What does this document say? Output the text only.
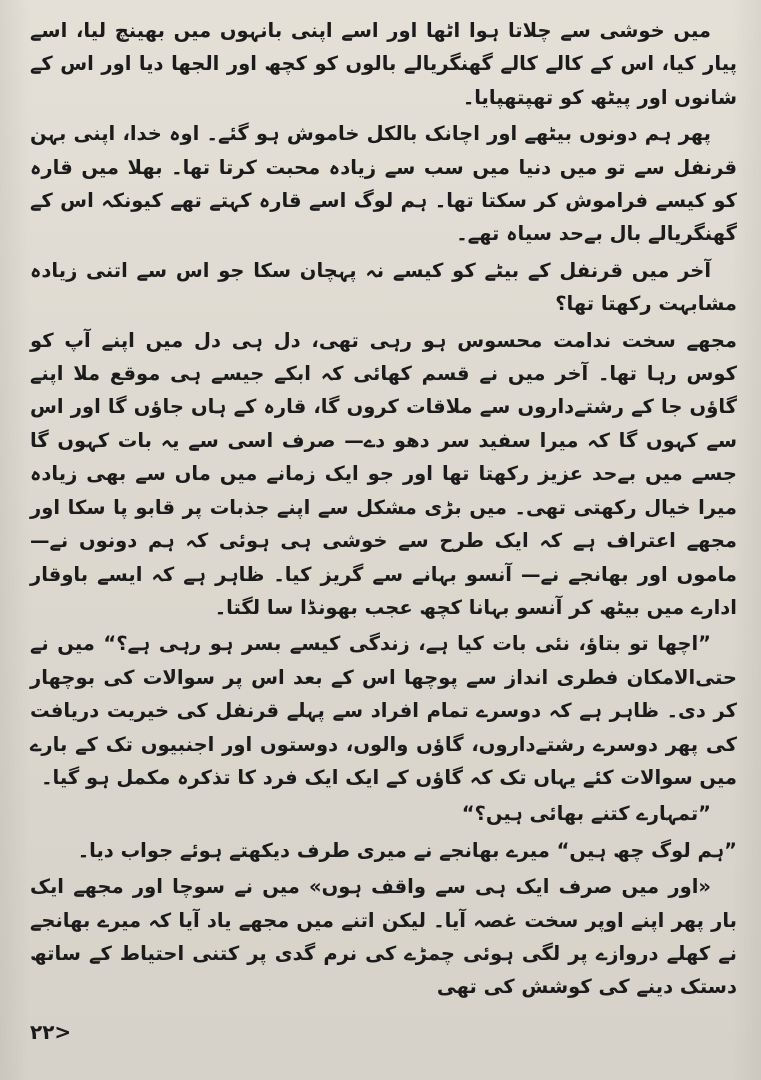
میں خوشی سے چلاتا ہوا اٹھا اور اسے اپنی بانہوں میں بھینچ لیا، اسے پیار کیا، اس کے کالے کالے گھنگریالے بالوں کو کچھ اور الجھا دیا اور اس کے شانوں اور پیٹھ کو تھپتھپایا۔

پھر ہم دونوں بیٹھے اور اچانک بالکل خاموش ہو گئے۔ اوہ خدا، اپنی بہن قرنفل سے تو میں دنیا میں سب سے زیادہ محبت کرتا تھا۔ بھلا میں قارہ کو کیسے فراموش کر سکتا تھا۔ ہم لوگ اسے قارہ کہتے تھے کیونکہ اس کے گھنگریالے بال بےحد سیاہ تھے۔

آخر میں قرنفل کے بیٹے کو کیسے نہ پہچان سکا جو اس سے اتنی زیادہ مشابہت رکھتا تھا؟

مجھے سخت ندامت محسوس ہو رہی تھی، دل ہی دل میں اپنے آپ کو کوس رہا تھا۔ آخر میں نے قسم کھائی کہ ابکے جیسے ہی موقع ملا اپنے گاؤں جا کے رشتےداروں سے ملاقات کروں گا، قارہ کے ہاں جاؤں گا اور اس سے کہوں گا کہ میرا سفید سر دھو دے— صرف اسی سے یہ بات کہوں گا جسے میں بےحد عزیز رکھتا تھا اور جو ایک زمانے میں ماں سے بھی زیادہ میرا خیال رکھتی تھی۔ میں بڑی مشکل سے اپنے جذبات پر قابو پا سکا اور مجھے اعتراف ہے کہ ایک طرح سے خوشی ہی ہوئی کہ ہم دونوں نے— ماموں اور بھانجے نے— آنسو بہانے سے گریز کیا۔ ظاہر ہے کہ ایسے باوقار ادارے میں بیٹھ کر آنسو بہانا کچھ عجب بھونڈا سا لگتا۔

”اچھا تو بتاؤ، نئی بات کیا ہے، زندگی کیسے بسر ہو رہی ہے؟“ میں نے حتی‌الامکان فطری انداز سے پوچھا اس کے بعد اس پر سوالات کی بوچھار کر دی۔ ظاہر ہے کہ دوسرے تمام افراد سے پہلے قرنفل کی خیریت دریافت کی پھر دوسرے رشتےداروں، گاؤں والوں، دوستوں اور اجنبیوں تک کے بارے میں سوالات کئے یہاں تک کہ گاؤں کے ایک ایک فرد کا تذکرہ مکمل ہو گیا۔

”تمہارے کتنے بھائی ہیں؟“

”ہم لوگ چھ ہیں“ میرے بھانجے نے میری طرف دیکھتے ہوئے جواب دیا۔

«اور میں صرف ایک ہی سے واقف ہوں» میں نے سوچا اور مجھے ایک بار پھر اپنے اوپر سخت غصہ آیا۔ لیکن اتنے میں مجھے یاد آیا کہ میرے بھانجے نے کھلے دروازے پر لگی ہوئی چمڑے کی نرم گدی پر کتنی احتیاط کے ساتھ دستک دینے کی کوشش کی تھی

۲۲>
